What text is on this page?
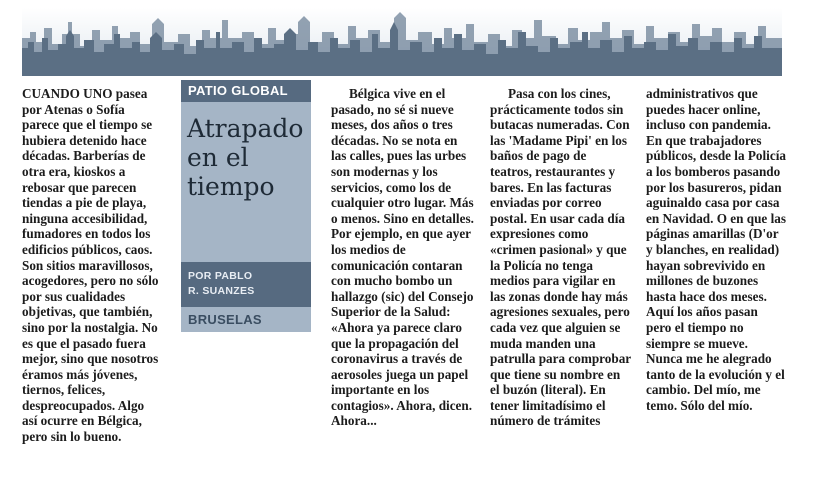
CUANDO UNO pasea por Atenas o Sofía parece que el tiempo se hubiera detenido hace décadas. Barberías de otra era, kioskos a rebosar que parecen tiendas a pie de playa, ninguna accesibilidad, fumadores en todos los edificios públicos, caos. Son sitios maravillosos, acogedores, pero no sólo por sus cualidades objetivas, que también, sino por la nostalgia. No es que el pasado fuera mejor, sino que nosotros éramos más jóvenes, tiernos, felices, despreocupados. Algo así ocurre en Bélgica, pero sin lo bueno.

PATIO GLOBAL
Atrapado en el tiempo
POR PABLO
R. SUANZES
BRUSELAS

Bélgica vive en el pasado, no sé si nueve meses, dos años o tres décadas. No se nota en las calles, pues las urbes son modernas y los servicios, como los de cualquier otro lugar. Más o menos. Sino en detalles. Por ejemplo, en que ayer los medios de comunicación contaran con mucho bombo un hallazgo (sic) del Consejo Superior de la Salud: «Ahora ya parece claro que la propagación del coronavirus a través de aerosoles juega un papel importante en los contagios». Ahora, dicen. Ahora...

Pasa con los cines, prácticamente todos sin butacas numeradas. Con las 'Madame Pipi' en los baños de pago de teatros, restaurantes y bares. En las facturas enviadas por correo postal. En usar cada día expresiones como «crimen pasional» y que la Policía no tenga medios para vigilar en las zonas donde hay más agresiones sexuales, pero cada vez que alguien se muda manden una patrulla para comprobar que tiene su nombre en el buzón (literal). En tener limitadísimo el número de trámites

administrativos que puedes hacer online, incluso con pandemia. En que trabajadores públicos, desde la Policía a los bomberos pasando por los basureros, pidan aguinaldo casa por casa en Navidad. O en que las páginas amarillas (D'or y blanches, en realidad) hayan sobrevivido en millones de buzones hasta hace dos meses. Aquí los años pasan pero el tiempo no siempre se mueve. Nunca me he alegrado tanto de la evolución y el cambio. Del mío, me temo. Sólo del mío.
